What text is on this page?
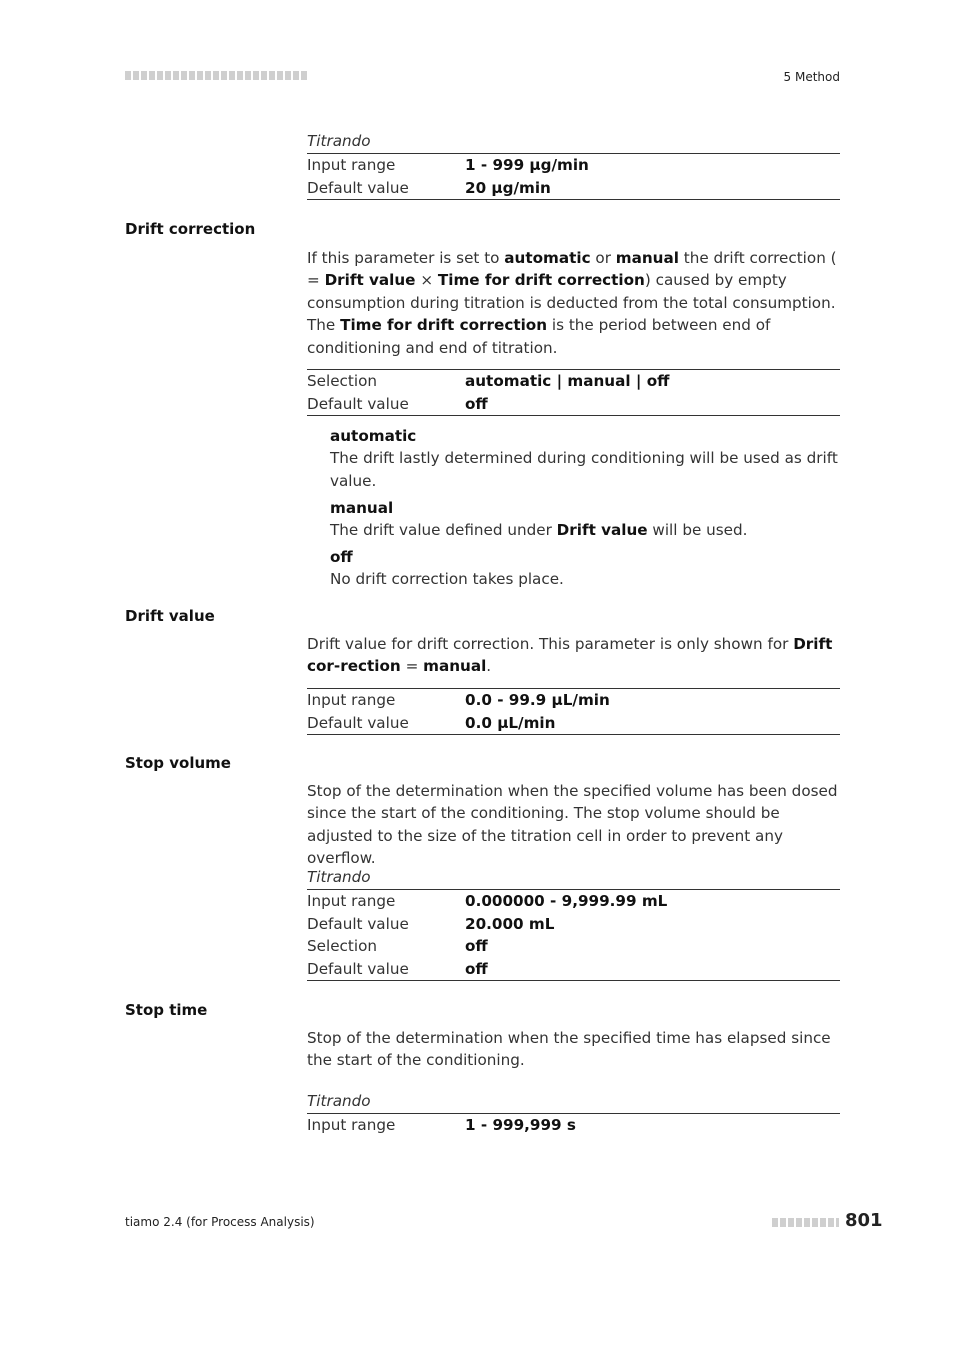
5 Method
Titrando	
Input range	1 - 999 µg/min
Default value	20 µg/min
Drift correction
If this parameter is set to automatic or manual the drift correction ( = Drift value × Time for drift correction) caused by empty consumption during titration is deducted from the total consumption. The Time for drift correction is the period between end of conditioning and end of titration.
Selection	automatic | manual | off
Default value	off
automatic
The drift lastly determined during conditioning will be used as drift value.
manual
The drift value defined under Drift value will be used.
off
No drift correction takes place.
Drift value
Drift value for drift correction. This parameter is only shown for Drift cor-rection = manual.
Input range	0.0 - 99.9 µL/min
Default value	0.0 µL/min
Stop volume
Stop of the determination when the specified volume has been dosed since the start of the conditioning. The stop volume should be adjusted to the size of the titration cell in order to prevent any overflow.
Titrando	
Input range	0.000000 - 9,999.99 mL
Default value	20.000 mL
Selection	off
Default value	off
Stop time
Stop of the determination when the specified time has elapsed since the start of the conditioning.
Titrando
Input range	1 - 999,999 s
tiamo 2.4 (for Process Analysis)	801
